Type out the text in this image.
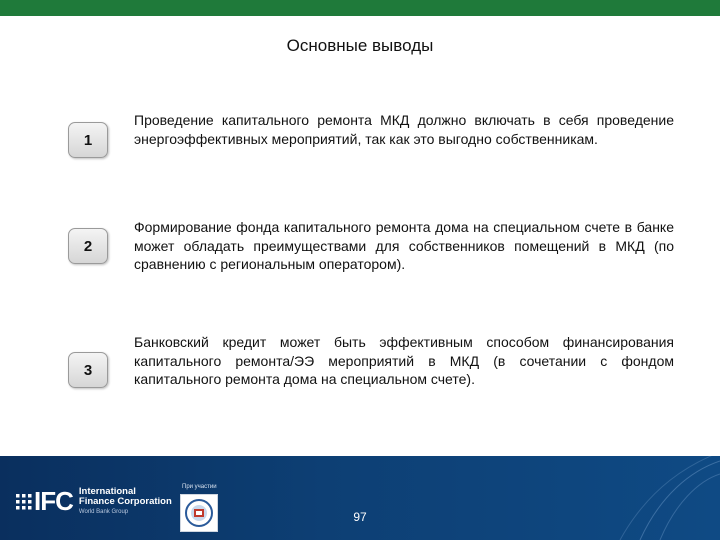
Основные выводы
1
Проведение капитального ремонта МКД должно включать в себя проведение энергоэффективных мероприятий, так как это выгодно собственникам.
2
Формирование фонда капитального ремонта дома на специальном счете в банке может обладать преимуществами для собственников помещений в МКД (по сравнению с региональным оператором).
3
Банковский кредит может быть эффективным способом финансирования капитального ремонта/ЭЭ мероприятий в МКД (в сочетании с фондом капитального ремонта дома на специальном счете).
IFC International
Finance Corporation
World Bank Group
При участии
97
